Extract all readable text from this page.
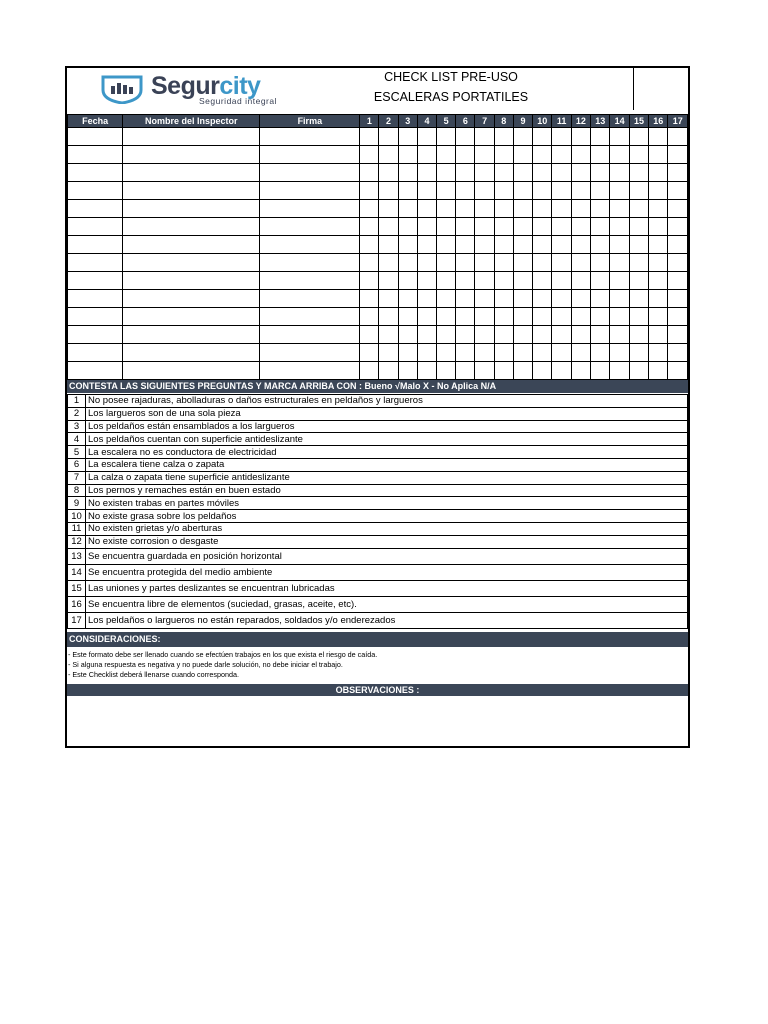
Segurcity
Seguridad integral
CHECK LIST PRE-USO
ESCALERAS PORTATILES
Fecha	Nombre del Inspector	Firma	1	2	3	4	5	6	7	8	9	10	11	12	13	14	15	16	17

CONTESTA LAS SIGUIENTES PREGUNTAS Y MARCA ARRIBA CON : Bueno √Malo X - No Aplica N/A
1	No posee rajaduras, abolladuras o daños estructurales en peldaños y largueros
2	Los largueros son de una sola pieza
3	Los peldaños están ensamblados a los largueros
4	Los peldaños cuentan con superficie antideslizante
5	La escalera no es conductora de electricidad
6	La escalera tiene calza o zapata
7	La calza o zapata tiene superficie antideslizante
8	Los pernos y remaches están en buen estado
9	No existen trabas en partes móviles
10	No existe grasa sobre los peldaños
11	No existen grietas y/o aberturas
12	No existe corrosion o desgaste
13	Se encuentra guardada en posición horizontal
14	Se encuentra protegida del medio ambiente
15	Las uniones y partes deslizantes se encuentran lubricadas
16	Se encuentra libre de elementos (suciedad, grasas, aceite, etc).
17	Los peldaños o largueros no están reparados, soldados y/o enderezados
CONSIDERACIONES:
- Este formato debe ser llenado cuando se efectúen trabajos en los que exista el riesgo de caída.
- Si alguna respuesta es negativa y no puede darle solución, no debe iniciar el trabajo.
- Este Checklist deberá llenarse cuando corresponda.
OBSERVACIONES :
